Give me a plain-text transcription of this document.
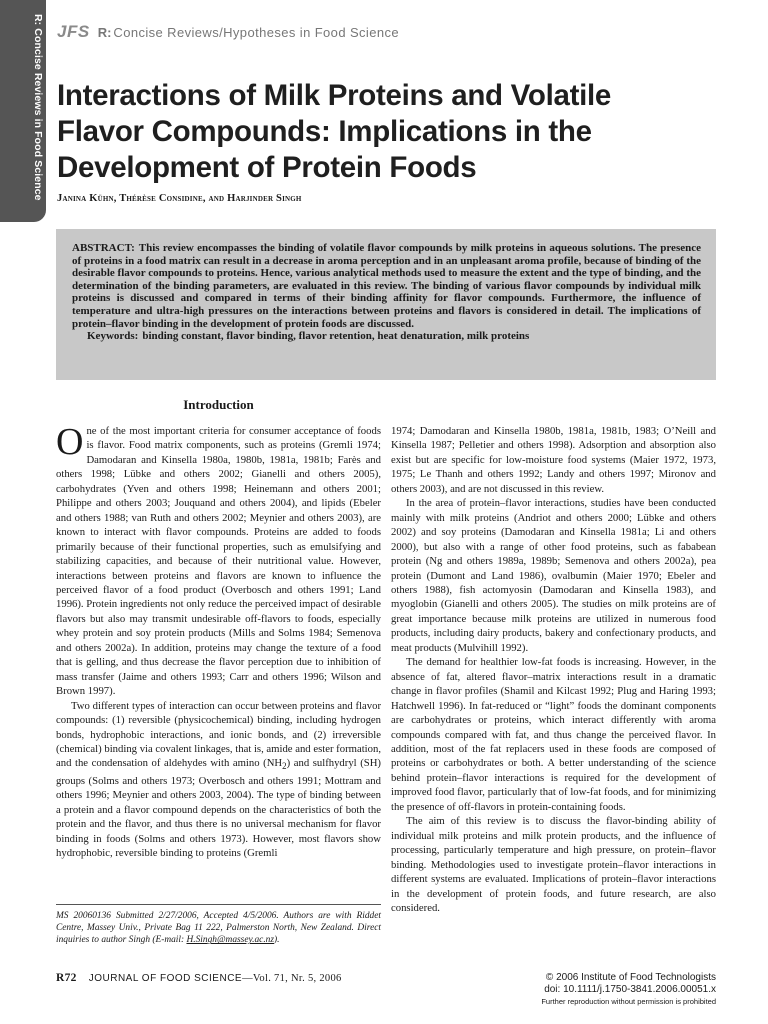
R: Concise Reviews in Food Science JFS R: Concise Reviews/Hypotheses in Food Science
Interactions of Milk Proteins and Volatile Flavor Compounds: Implications in the Development of Protein Foods
Janina Kühn, Thérèse Considine, and Harjinder Singh

ABSTRACT: This review encompasses the binding of volatile flavor compounds by milk proteins in aqueous solutions. The presence of proteins in a food matrix can result in a decrease in aroma perception and in an unpleasant aroma profile, because of binding of the desirable flavor compounds to proteins. Hence, various analytical methods used to measure the extent and the type of binding, and the determination of the binding parameters, are evaluated in this review. The binding of various flavor compounds by individual milk proteins is discussed and compared in terms of their binding affinity for flavor compounds. Furthermore, the influence of temperature and ultra-high pressures on the interactions between proteins and flavors is considered in detail. The implications of protein–flavor binding in the development of protein foods are discussed.

Keywords: binding constant, flavor binding, flavor retention, heat denaturation, milk proteins

Introduction

One of the most important criteria for consumer acceptance of foods is flavor. Food matrix components, such as proteins (Gremli 1974; Damodaran and Kinsella 1980a, 1980b, 1981a, 1981b; Farès and others 1998; Lübke and others 2002; Gianelli and others 2005), carbohydrates (Yven and others 1998; Heinemann and others 2001; Philippe and others 2003; Jouquand and others 2004), and lipids (Ebeler and others 1988; van Ruth and others 2002; Meynier and others 2003), are known to interact with flavor compounds. Proteins are added to foods primarily because of their functional properties, such as emulsifying and stabilizing capacities, and because of their nutritional value. However, interactions between proteins and flavors are known to influence the perceived flavor of a food product (Overbosch and others 1991; Land 1996). Protein ingredients not only reduce the perceived impact of desirable flavors but also may transmit undesirable off-flavors to foods, especially whey protein and soy protein products (Mills and Solms 1984; Semenova and others 2002a). In addition, proteins may change the texture of a food that is gelling, and thus decrease the flavor perception due to inhibition of mass transfer (Jaime and others 1993; Carr and others 1996; Wilson and Brown 1997).

Two different types of interaction can occur between proteins and flavor compounds: (1) reversible (physicochemical) binding, including hydrogen bonds, hydrophobic interactions, and ionic bonds, and (2) irreversible (chemical) binding via covalent linkages, that is, amide and ester formation, and the condensation of aldehydes with amino $(NH_2)$ and sulfhydryl (SH) groups (Solms and others 1973; Overbosch and others 1991; Mottram and others 1996; Meynier and others 2003, 2004). The type of binding between a protein and a flavor compound depends on the characteristics of both the protein and the flavor, and thus there is no universal mechanism for flavor binding in foods (Solms and others 1973). However, most flavors show hydrophobic, reversible binding to proteins (Gremli

MS 20060136 Submitted 2/27/2006, Accepted 4/5/2006. Authors are with Riddet Centre, Massey Univ., Private Bag 11 222, Palmerston North, New Zealand. Direct inquiries to author Singh (E-mail: H.Singh@massey.ac.nz).

1974; Damodaran and Kinsella 1980b, 1981a, 1981b, 1983; O’Neill and Kinsella 1987; Pelletier and others 1998). Adsorption and absorption also exist but are specific for low-moisture food systems (Maier 1972, 1973, 1975; Le Thanh and others 1992; Landy and others 1997; Mironov and others 2003), and are not discussed in this review.

In the area of protein–flavor interactions, studies have been conducted mainly with milk proteins (Andriot and others 2000; Lübke and others 2002) and soy proteins (Damodaran and Kinsella 1981a; Li and others 2000), but also with a range of other food proteins, such as fababean protein (Ng and others 1989a, 1989b; Semenova and others 2002a), pea protein (Dumont and Land 1986), ovalbumin (Maier 1970; Ebeler and others 1988), fish actomyosin (Damodaran and Kinsella 1983), and myoglobin (Gianelli and others 2005). The studies on milk proteins are of great importance because milk proteins are utilized in numerous food products, including dairy products, bakery and confectionary products, and meat products (Mulvihill 1992).

The demand for healthier low-fat foods is increasing. However, in the absence of fat, altered flavor–matrix interactions result in a dramatic change in flavor profiles (Shamil and Kilcast 1992; Plug and Haring 1993; Hatchwell 1996). In fat-reduced or “light” foods the dominant components are carbohydrates or proteins, which interact differently with aroma compounds compared with fat, and thus change the perceived flavor. In addition, most of the fat replacers used in these foods are composed of proteins or carbohydrates or both. A better understanding of the science behind protein–flavor interactions is required for the development of improved food flavor, particularly that of low-fat foods, and for minimizing the presence of off-flavors in protein-containing foods.

The aim of this review is to discuss the flavor-binding ability of individual milk proteins and milk protein products, and the influence of processing, particularly temperature and high pressure, on protein–flavor binding. Methodologies used to investigate protein–flavor interactions in different systems are evaluated. Implications of protein–flavor interactions in the development of protein foods, and future research, are also considered.

R72 JOURNAL OF FOOD SCIENCE—Vol. 71, Nr. 5, 2006	© 2006 Institute of Food Technologists
doi: 10.1111/j.1750-3841.2006.00051.x
Further reproduction without permission is prohibited
